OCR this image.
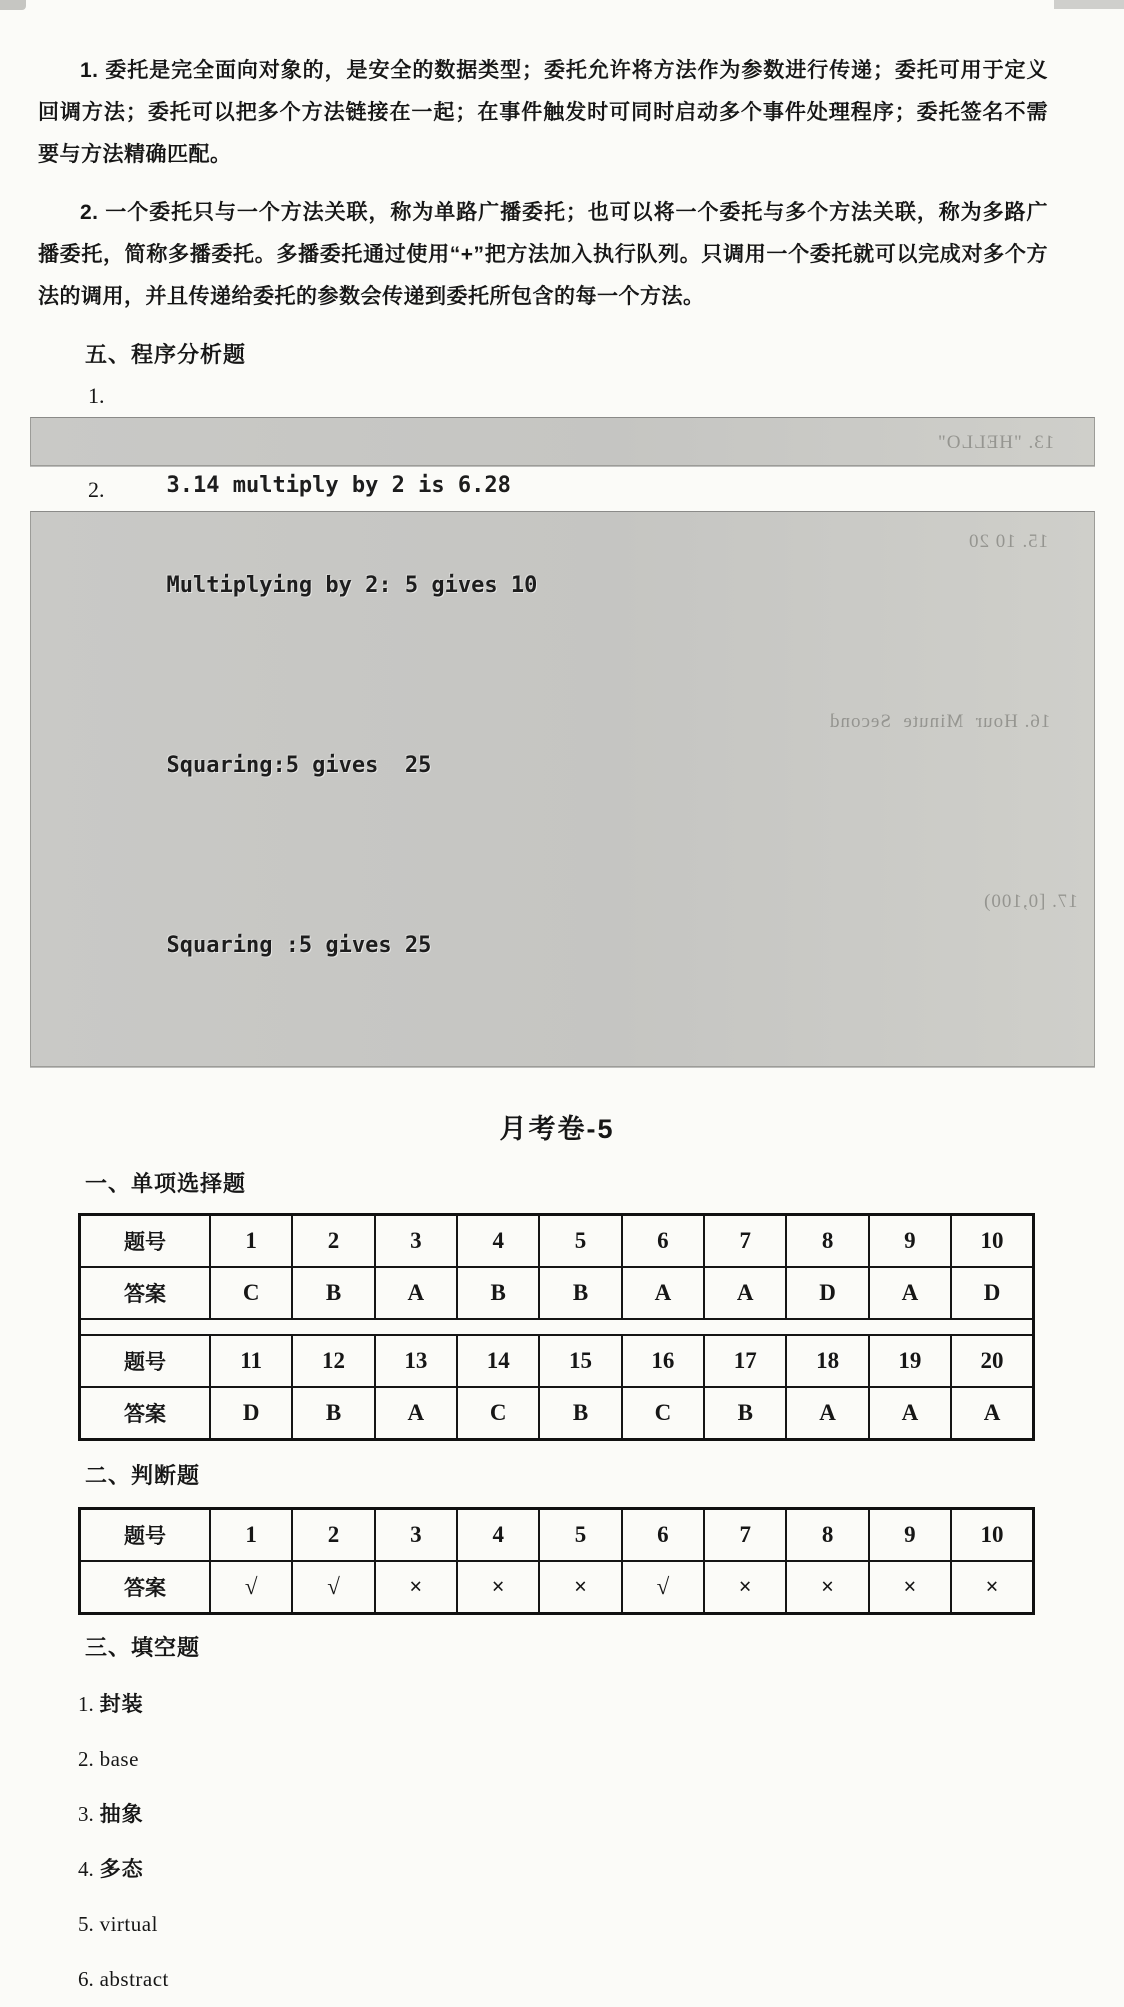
1. 委托是完全面向对象的，是安全的数据类型；委托允许将方法作为参数进行传递；委托可用于定义回调方法；委托可以把多个方法链接在一起；在事件触发时可同时启动多个事件处理程序；委托签名不需要与方法精确匹配。

2. 一个委托只与一个方法关联，称为单路广播委托；也可以将一个委托与多个方法关联，称为多路广播委托，简称多播委托。多播委托通过使用“+”把方法加入执行队列。只调用一个委托就可以完成对多个方法的调用，并且传递给委托的参数会传递到委托所包含的每一个方法。

五、程序分析题
1.

3.14 multiply by 2 is 6.28

13. "HELLO"

2.

Multiplying by 2: 5 gives 10

15. 10 20

Squaring:5 gives  25

16. Hour  Minute  Second

Squaring :5 gives 25

17. [0,100)

月考卷-5
一、单项选择题
题号	1	2	3	4	5	6	7	8	9	10
答案	C	B	A	B	B	A	A	D	A	D

题号	11	12	13	14	15	16	17	18	19	20
答案	D	B	A	C	B	C	B	A	A	A
二、判断题
题号	1	2	3	4	5	6	7	8	9	10
答案	√	√	×	×	×	√	×	×	×	×
三、填空题
1. 封装
2. base
3. 抽象
4. 多态
5. virtual
6. abstract
